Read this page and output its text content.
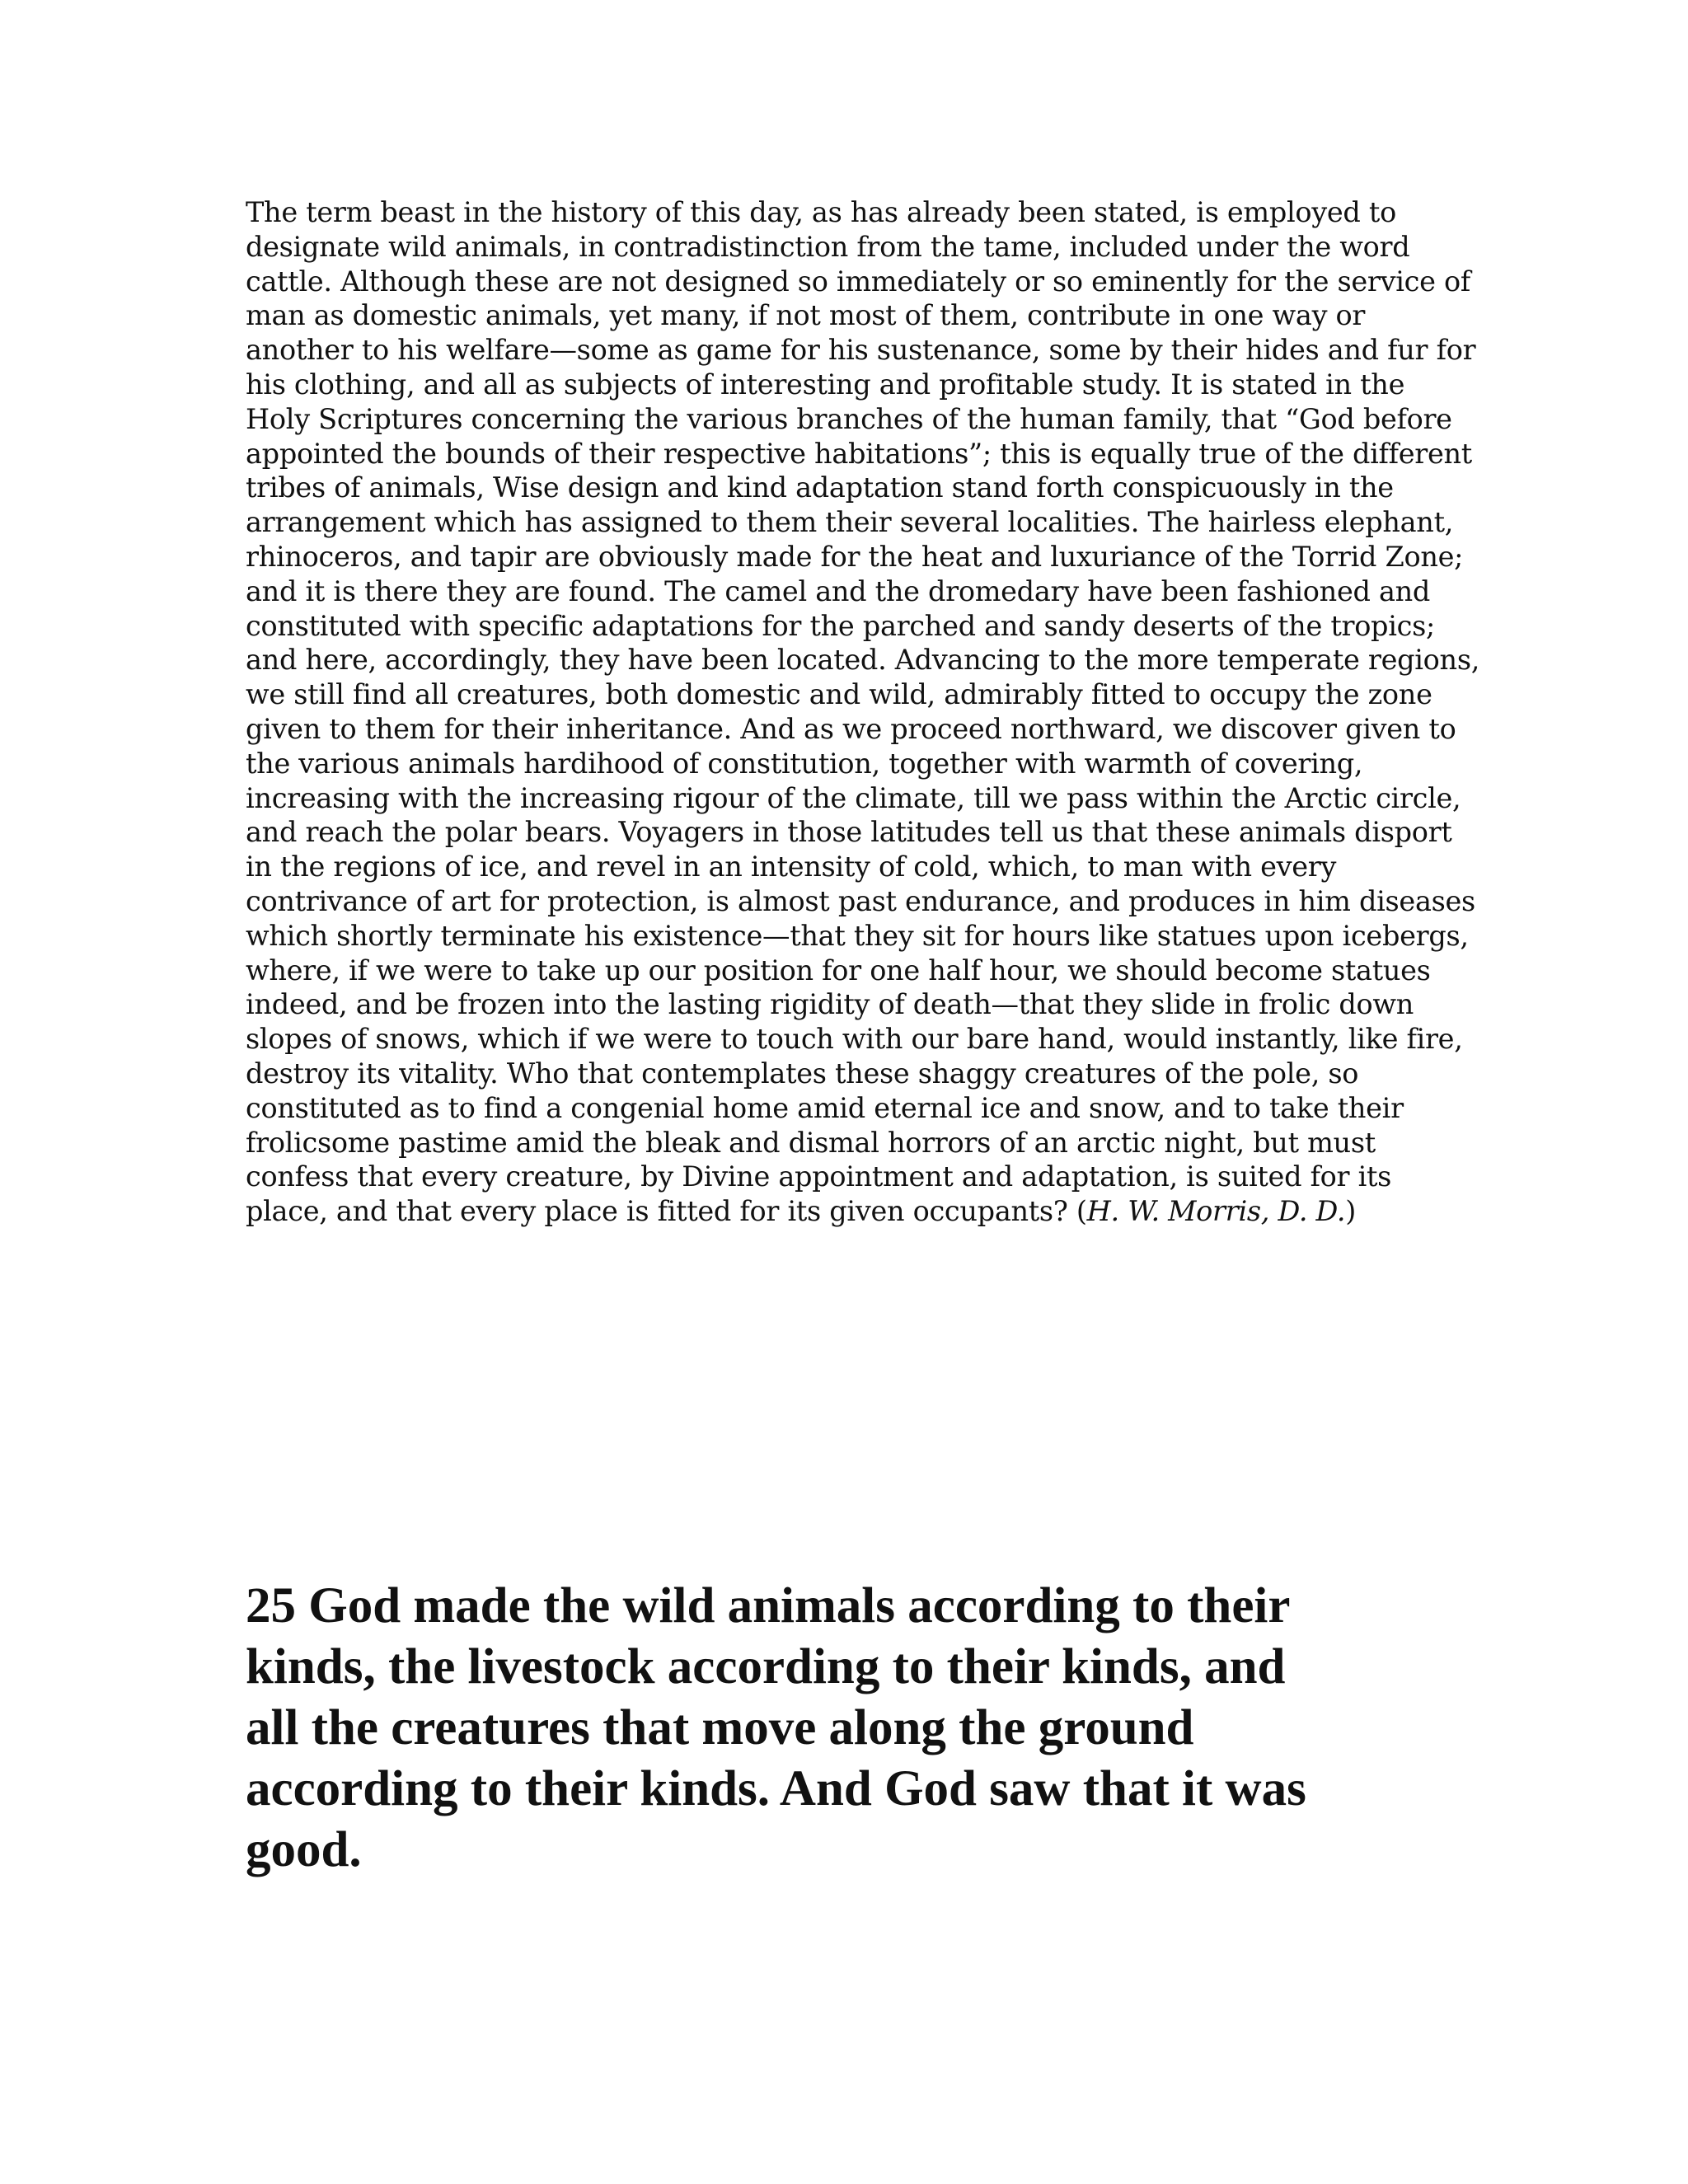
The term beast in the history of this day, as has already been stated, is employed to
designate wild animals, in contradistinction from the tame, included under the word
cattle. Although these are not designed so immediately or so eminently for the service of
man as domestic animals, yet many, if not most of them, contribute in one way or
another to his welfare—some as game for his sustenance, some by their hides and fur for
his clothing, and all as subjects of interesting and profitable study. It is stated in the
Holy Scriptures concerning the various branches of the human family, that “God before
appointed the bounds of their respective habitations”; this is equally true of the different
tribes of animals, Wise design and kind adaptation stand forth conspicuously in the
arrangement which has assigned to them their several localities. The hairless elephant,
rhinoceros, and tapir are obviously made for the heat and luxuriance of the Torrid Zone;
and it is there they are found. The camel and the dromedary have been fashioned and
constituted with specific adaptations for the parched and sandy deserts of the tropics;
and here, accordingly, they have been located. Advancing to the more temperate regions,
we still find all creatures, both domestic and wild, admirably fitted to occupy the zone
given to them for their inheritance. And as we proceed northward, we discover given to
the various animals hardihood of constitution, together with warmth of covering,
increasing with the increasing rigour of the climate, till we pass within the Arctic circle,
and reach the polar bears. Voyagers in those latitudes tell us that these animals disport
in the regions of ice, and revel in an intensity of cold, which, to man with every
contrivance of art for protection, is almost past endurance, and produces in him diseases
which shortly terminate his existence—that they sit for hours like statues upon icebergs,
where, if we were to take up our position for one half hour, we should become statues
indeed, and be frozen into the lasting rigidity of death—that they slide in frolic down
slopes of snows, which if we were to touch with our bare hand, would instantly, like fire,
destroy its vitality. Who that contemplates these shaggy creatures of the pole, so
constituted as to find a congenial home amid eternal ice and snow, and to take their
frolicsome pastime amid the bleak and dismal horrors of an arctic night, but must
confess that every creature, by Divine appointment and adaptation, is suited for its
place, and that every place is fitted for its given occupants? (H. W. Morris, D. D.)

25 God made the wild animals according to their
kinds, the livestock according to their kinds, and
all the creatures that move along the ground
according to their kinds. And God saw that it was
good.
